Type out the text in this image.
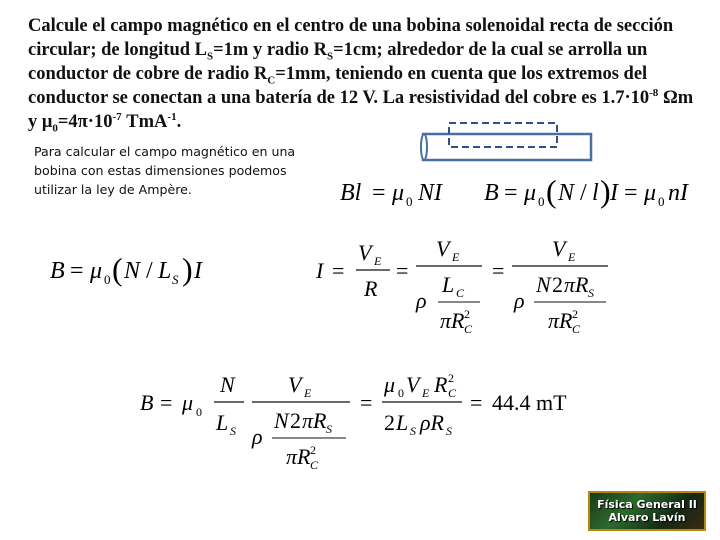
Calcule el campo magnético en el centro de una bobina solenoidal recta de sección circular; de longitud $L_S=1m$ y radio $R_S=1cm$; alrededor de la cual se arrolla un conductor de cobre de radio $R_C=1mm$, teniendo en cuenta que los extremos del conductor se conectan a una batería de 12 V. La resistividad del cobre es $1.7\cdot 10^{-8}$ Ωm y $\mu_0=4\pi\cdot 10^{-7}$ TmA$^{-1}$.

Para calcular el campo magnético en una bobina con estas dimensiones podemos utilizar la ley de Ampère.	Bl = μ 0 NI B = μ 0 ( N / l ) I = μ 0 nI
B = μ 0 ( N / L S ) I	I =
V E
R
=
V E
ρ
L C
πR C
2
=
V E
ρ
N 2 πR S
πR C
2
B = μ 0
N
L S
V E
ρ
N 2 πR S
πR C
2
=
μ 0 V E R C
2
2 L S ρR S
= 44.4 mT
Física General II
Alvaro Lavín
